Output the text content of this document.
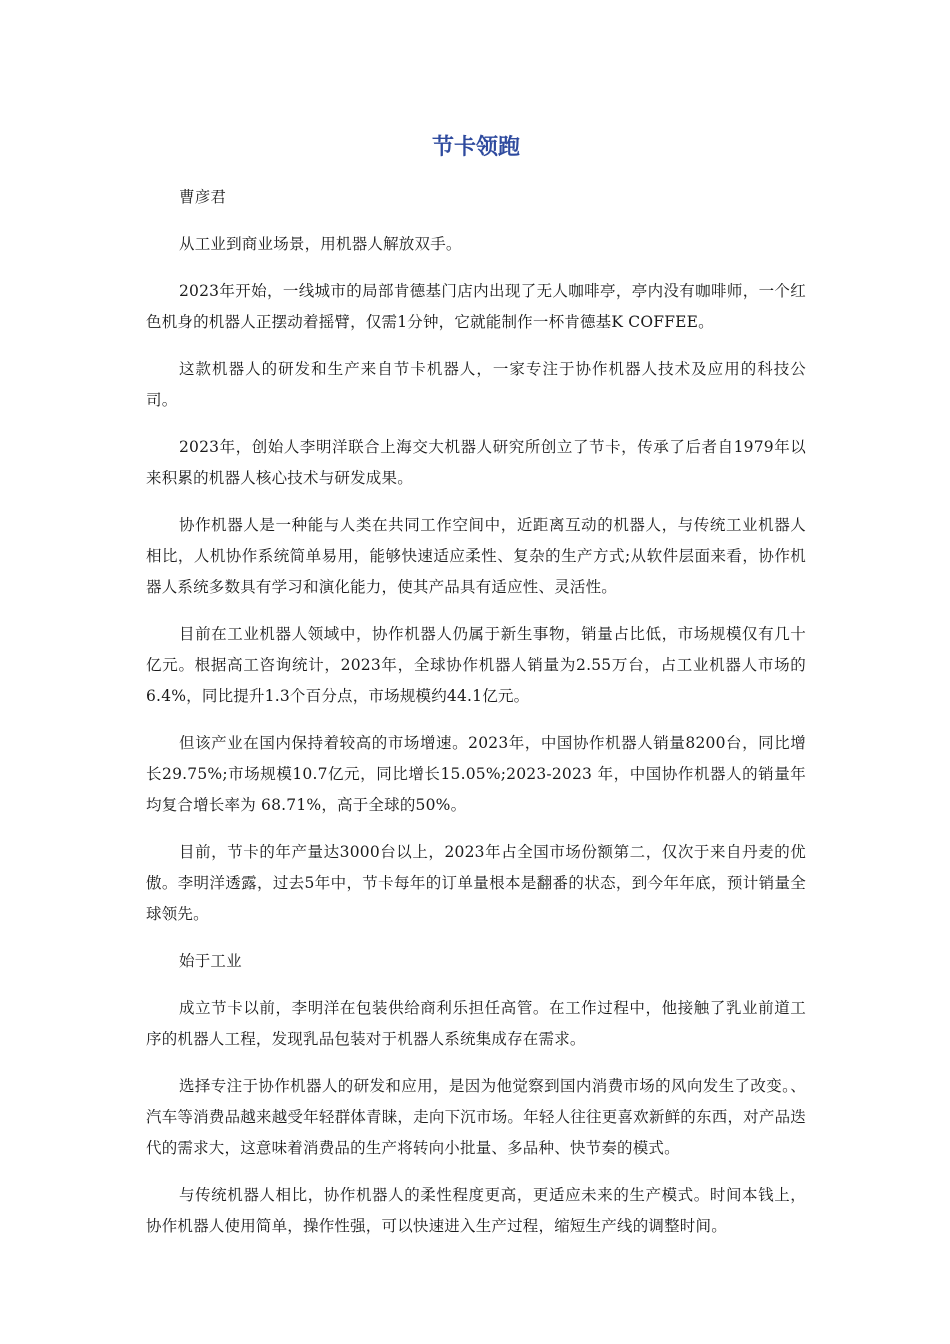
节卡领跑

曹彦君

从工业到商业场景，用机器人解放双手。

2023年开始，一线城市的局部肯德基门店内出现了无人咖啡亭，亭内没有咖啡师，一个红色机身的机器人正摆动着摇臂，仅需1分钟，它就能制作一杯肯德基K COFFEE。

这款机器人的研发和生产来自节卡机器人，一家专注于协作机器人技术及应用的科技公司。

2023年，创始人李明洋联合上海交大机器人研究所创立了节卡，传承了后者自1979年以来积累的机器人核心技术与研发成果。

协作机器人是一种能与人类在共同工作空间中，近距离互动的机器人，与传统工业机器人相比，人机协作系统简单易用，能够快速适应柔性、复杂的生产方式;从软件层面来看，协作机器人系统多数具有学习和演化能力，使其产品具有适应性、灵活性。

目前在工业机器人领域中，协作机器人仍属于新生事物，销量占比低，市场规模仅有几十亿元。根据高工咨询统计，2023年，全球协作机器人销量为2.55万台，占工业机器人市场的6.4%，同比提升1.3个百分点，市场规模约44.1亿元。

但该产业在国内保持着较高的市场增速。2023年，中国协作机器人销量8200台，同比增长29.75%;市场规模10.7亿元，同比增长15.05%;2023-2023 年，中国协作机器人的销量年均复合增长率为 68.71%，高于全球的50%。

目前，节卡的年产量达3000台以上，2023年占全国市场份额第二，仅次于来自丹麦的优傲。李明洋透露，过去5年中，节卡每年的订单量根本是翻番的状态，到今年年底，预计销量全球领先。

始于工业

成立节卡以前，李明洋在包装供给商利乐担任高管。在工作过程中，他接触了乳业前道工序的机器人工程，发现乳品包装对于机器人系统集成存在需求。

选择专注于协作机器人的研发和应用，是因为他觉察到国内消费市场的风向发生了改变。、汽车等消费品越来越受年轻群体青睐，走向下沉市场。年轻人往往更喜欢新鲜的东西，对产品迭代的需求大，这意味着消费品的生产将转向小批量、多品种、快节奏的模式。

与传统机器人相比，协作机器人的柔性程度更高，更适应未来的生产模式。时间本钱上，协作机器人使用简单，操作性强，可以快速进入生产过程，缩短生产线的调整时间。
